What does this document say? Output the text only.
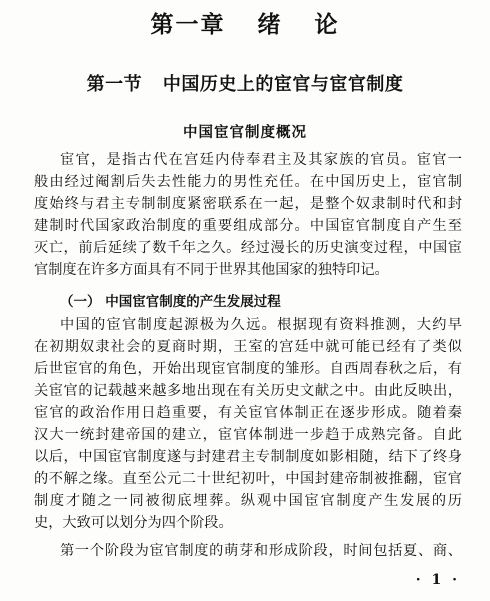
第一章 绪 论
第一节 中国历史上的宦官与宦官制度
中国宦官制度概况
宦官，是指古代在宫廷内侍奉君主及其家族的官员。宦官一
般由经过阉割后失去性能力的男性充任。在中国历史上，宦官制
度始终与君主专制制度紧密联系在一起，是整个奴隶制时代和封
建制时代国家政治制度的重要组成部分。中国宦官制度自产生至
灭亡，前后延续了数千年之久。经过漫长的历史演变过程，中国宦
官制度在许多方面具有不同于世界其他国家的独特印记。
（一） 中国宦官制度的产生发展过程
中国的宦官制度起源极为久远。根据现有资料推测，大约早
在初期奴隶社会的夏商时期，王室的宫廷中就可能已经有了类似
后世宦官的角色，开始出现宦官制度的雏形。自西周春秋之后，有
关宦官的记载越来越多地出现在有关历史文献之中。由此反映出，
宦官的政治作用日趋重要，有关宦官体制正在逐步形成。随着秦
汉大一统封建帝国的建立，宦官体制进一步趋于成熟完备。自此
以后，中国宦官制度遂与封建君主专制制度如影相随，结下了终身
的不解之缘。直至公元二十世纪初叶，中国封建帝制被推翻，宦官
制度才随之一同被彻底埋葬。纵观中国宦官制度产生发展的历
史，大致可以划分为四个阶段。
第一个阶段为宦官制度的萌芽和形成阶段，时间包括夏、商、
· 1 ·
